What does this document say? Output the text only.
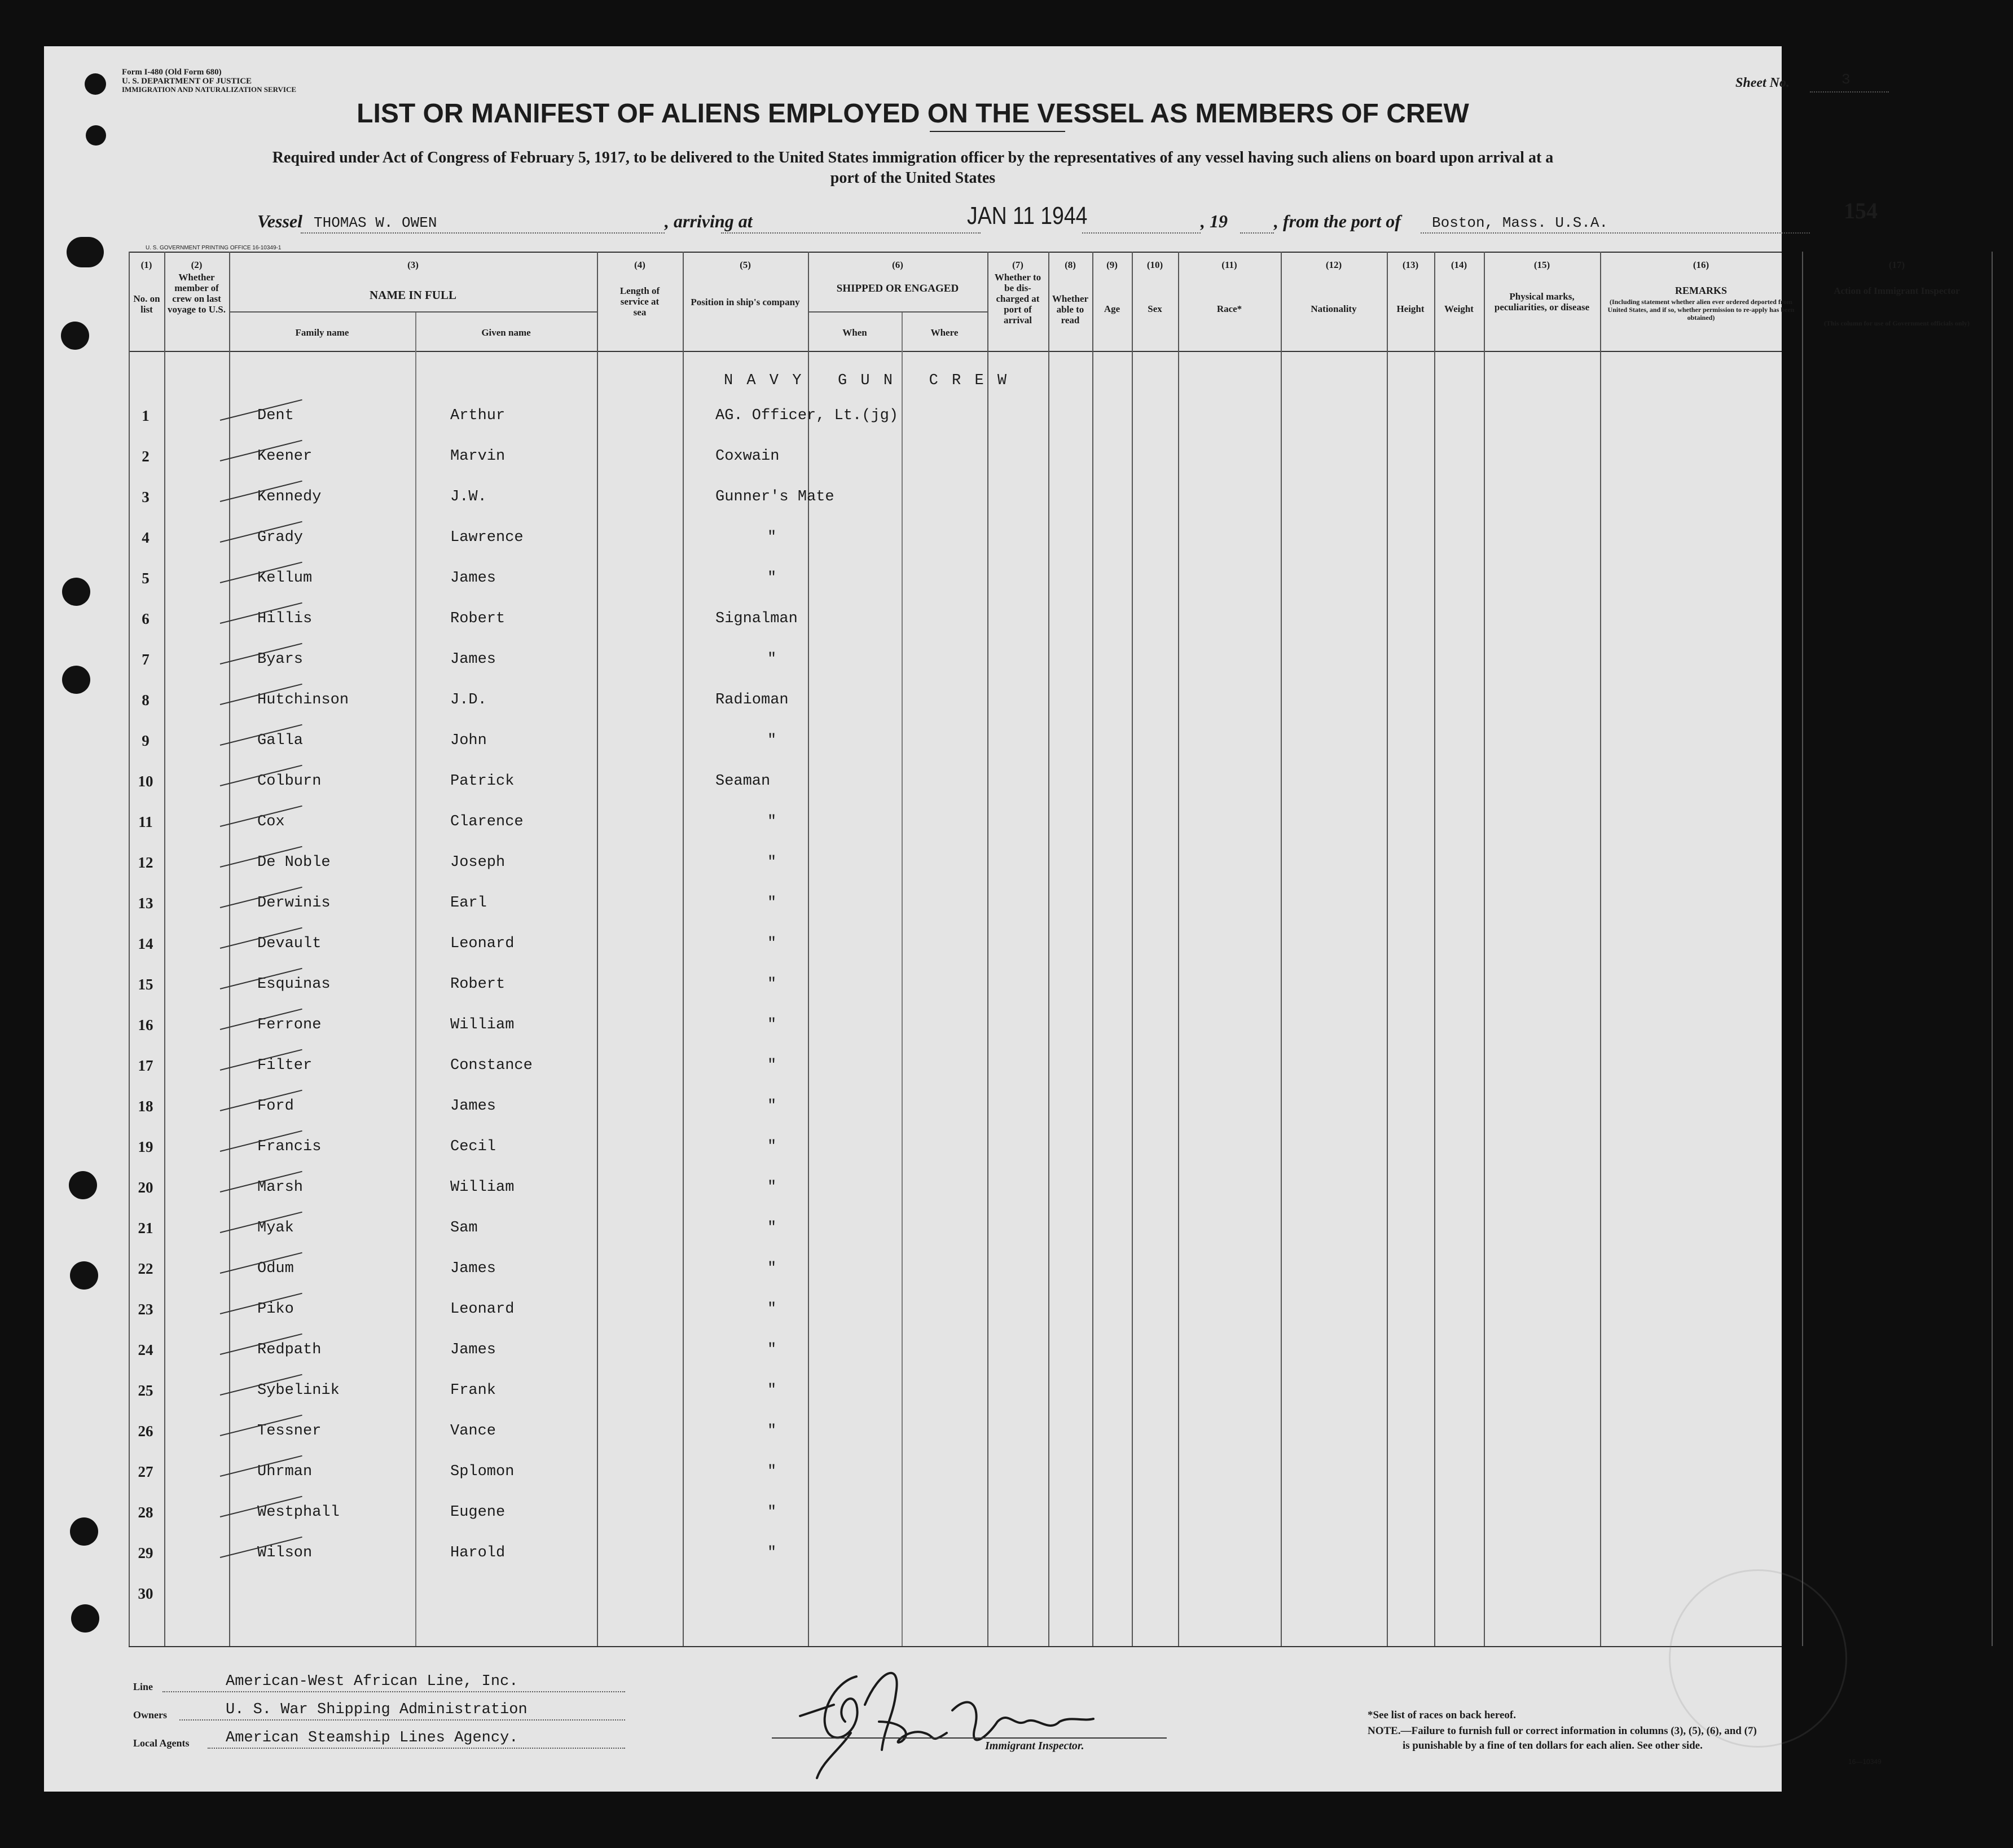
Form I-480 (Old Form 680)
U. S. DEPARTMENT OF JUSTICE
IMMIGRATION AND NATURALIZATION SERVICE	Sheet No.	3
LIST OR MANIFEST OF ALIENS EMPLOYED ON THE VESSEL AS MEMBERS OF CREW
Required under Act of Congress of February 5, 1917, to be delivered to the United States immigration officer by the representatives of any vessel having such aliens on board upon arrival at a
port of the United States
154
Vessel THOMAS W. OWEN	, arriving at	JAN 11 1944	, 19	, from the port of Boston, Mass. U.S.A.
U. S. GOVERNMENT PRINTING OFFICE 16-10349-1
(1)
No. on list
(2)
Whether member of crew on last voyage to U.S.
(3)
NAME IN FULL
Family name	Given name
(4)
Length of service at sea
(5)
Position in ship's company
(6)
SHIPPED OR ENGAGED
When	Where
(7)
Whether to be dis-charged at port of arrival
(8)
Whether able to read
(9)
Age
(10)
Sex
(11)
Race*
(12)
Nationality
(13)
Height
(14)
Weight
(15)
Physical marks, peculiarities, or disease
(16)
REMARKS
(Including statement whether alien ever ordered deported from United States, and if so, whether permission to re-apply has been obtained)
(17)
Action of Immigrant Inspector
(This column for use of Government officials only)
N A V Y   G U N   C R E W
1	Dent	Arthur	AG. Officer, Lt.(jg)
2	Keener	Marvin	Coxwain
3	Kennedy	J.W.	Gunner's Mate
4	Grady	Lawrence	"
5	Kellum	James	"
6	Hillis	Robert	Signalman
7	Byars	James	"
8	Hutchinson	J.D.	Radioman
9	Galla	John	"
10	Colburn	Patrick	Seaman
11	Cox	Clarence	"
12	De Noble	Joseph	"
13	Derwinis	Earl	"
14	Devault	Leonard	"
15	Esquinas	Robert	"
16	Ferrone	William	"
17	Filter	Constance	"
18	Ford	James	"
19	Francis	Cecil	"
20	Marsh	William	"
21	Myak	Sam	"
22	Odum	James	"
23	Piko	Leonard	"
24	Redpath	James	"
25	Sybelinik	Frank	"
26	Tessner	Vance	"
27	Uhrman	Splomon	"
28	Westphall	Eugene	"
29	Wilson	Harold	"
30
Line	American-West African Line, Inc.
Owners	U. S. War Shipping Administration
Local Agents American Steamship Lines Agency.	Immigrant Inspector.
*See list of races on back hereof.
NOTE.—Failure to furnish full or correct information in columns (3), (5), (6), and (7)
is punishable by a fine of ten dollars for each alien. See other side.
16—10349
